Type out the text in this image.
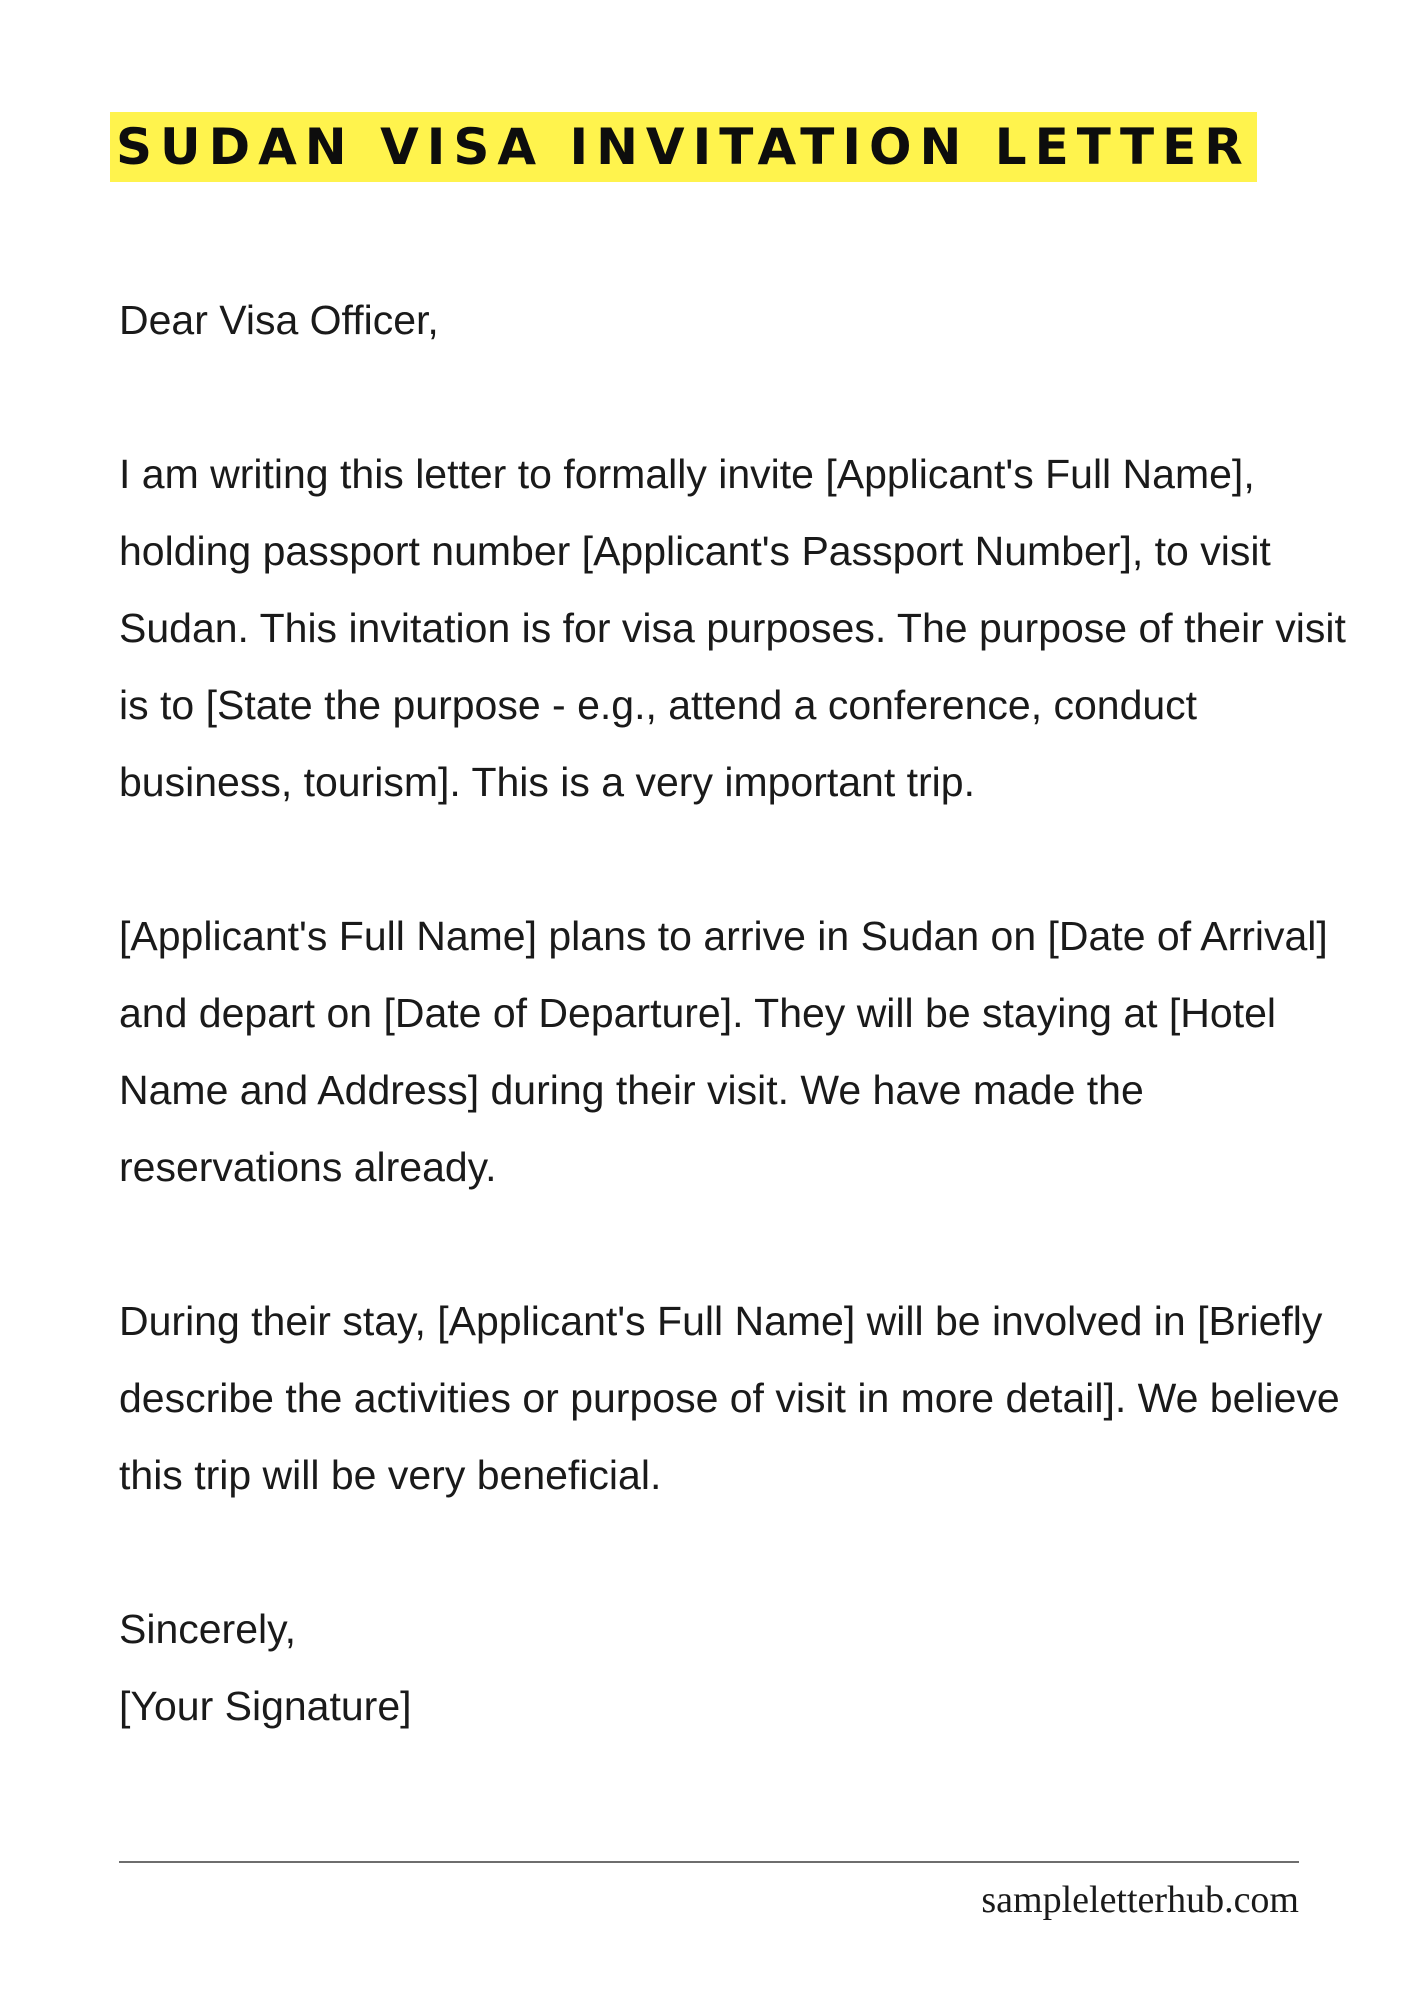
SUDAN VISA INVITATION LETTER

Dear Visa Officer,

I am writing this letter to formally invite [Applicant's Full Name], holding passport number [Applicant's Passport Number], to visit Sudan. This invitation is for visa purposes. The purpose of their visit is to [State the purpose - e.g., attend a conference, conduct business, tourism]. This is a very important trip.

[Applicant's Full Name] plans to arrive in Sudan on [Date of Arrival] and depart on [Date of Departure]. They will be staying at [Hotel Name and Address] during their visit. We have made the reservations already.

During their stay, [Applicant's Full Name] will be involved in [Briefly describe the activities or purpose of visit in more detail]. We believe this trip will be very beneficial.

Sincerely,

[Your Signature]

sampleletterhub.com
